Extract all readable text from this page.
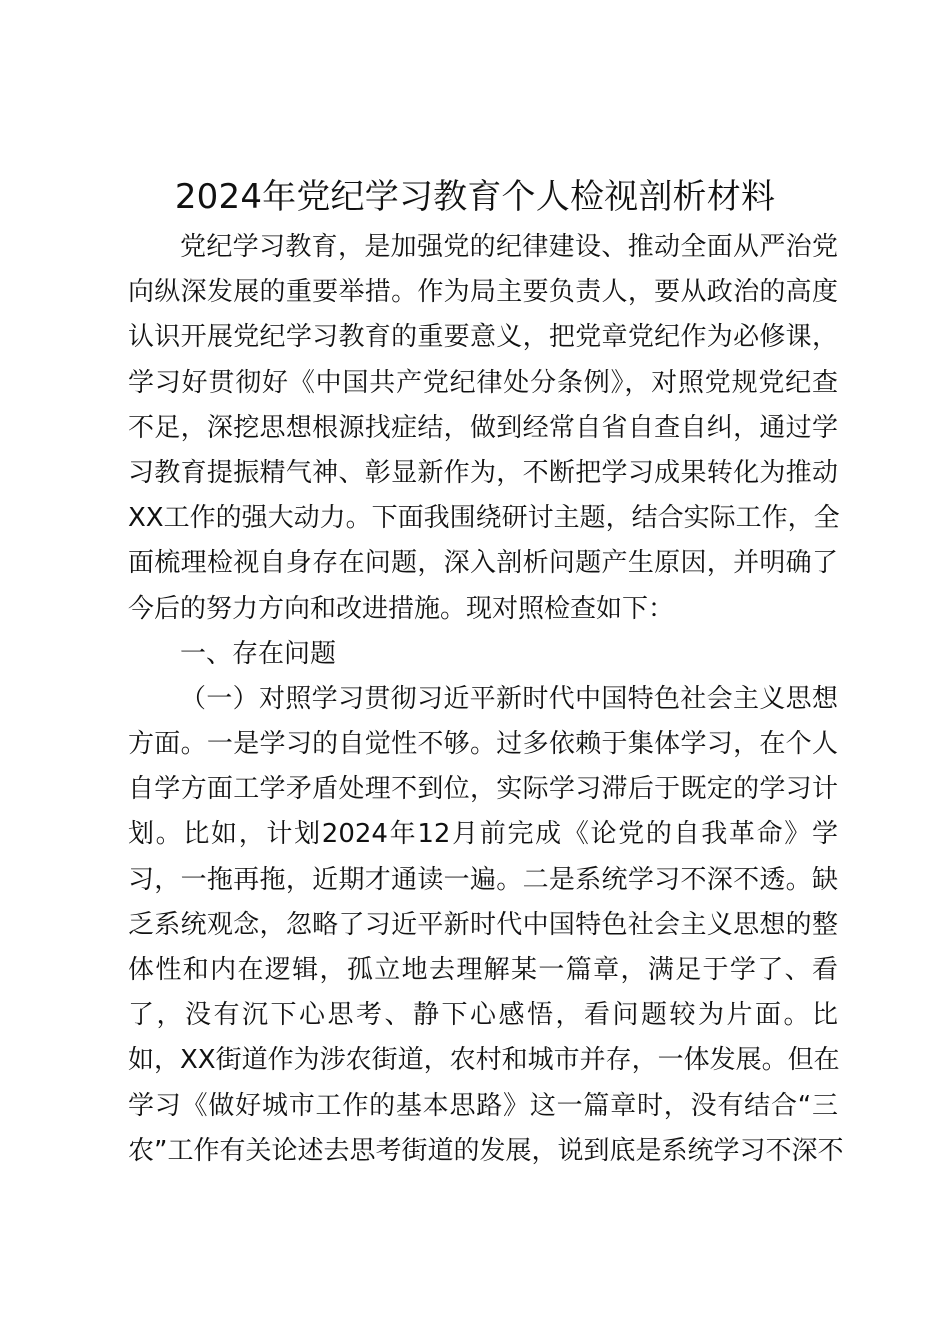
2024年党纪学习教育个人检视剖析材料
党纪学习教育，是加强党的纪律建设、推动全面从严治党
向纵深发展的重要举措。作为局主要负责人，要从政治的高度
认识开展党纪学习教育的重要意义，把党章党纪作为必修课，
学习好贯彻好《中国共产党纪律处分条例》，对照党规党纪查
不足，深挖思想根源找症结，做到经常自省自查自纠，通过学
习教育提振精气神、彰显新作为，不断把学习成果转化为推动
XX工作的强大动力。下面我围绕研讨主题，结合实际工作，全
面梳理检视自身存在问题，深入剖析问题产生原因，并明确了
今后的努力方向和改进措施。现对照检查如下：
一、存在问题
（一）对照学习贯彻习近平新时代中国特色社会主义思想
方面。一是学习的自觉性不够。过多依赖于集体学习，在个人
自学方面工学矛盾处理不到位，实际学习滞后于既定的学习计
划。比如，计划2024年12月前完成《论党的自我革命》学
习，一拖再拖，近期才通读一遍。二是系统学习不深不透。缺
乏系统观念，忽略了习近平新时代中国特色社会主义思想的整
体性和内在逻辑，孤立地去理解某一篇章，满足于学了、看
了，没有沉下心思考、静下心感悟，看问题较为片面。比
如，XX街道作为涉农街道，农村和城市并存，一体发展。但在
学习《做好城市工作的基本思路》这一篇章时，没有结合“三
农”工作有关论述去思考街道的发展，说到底是系统学习不深不
